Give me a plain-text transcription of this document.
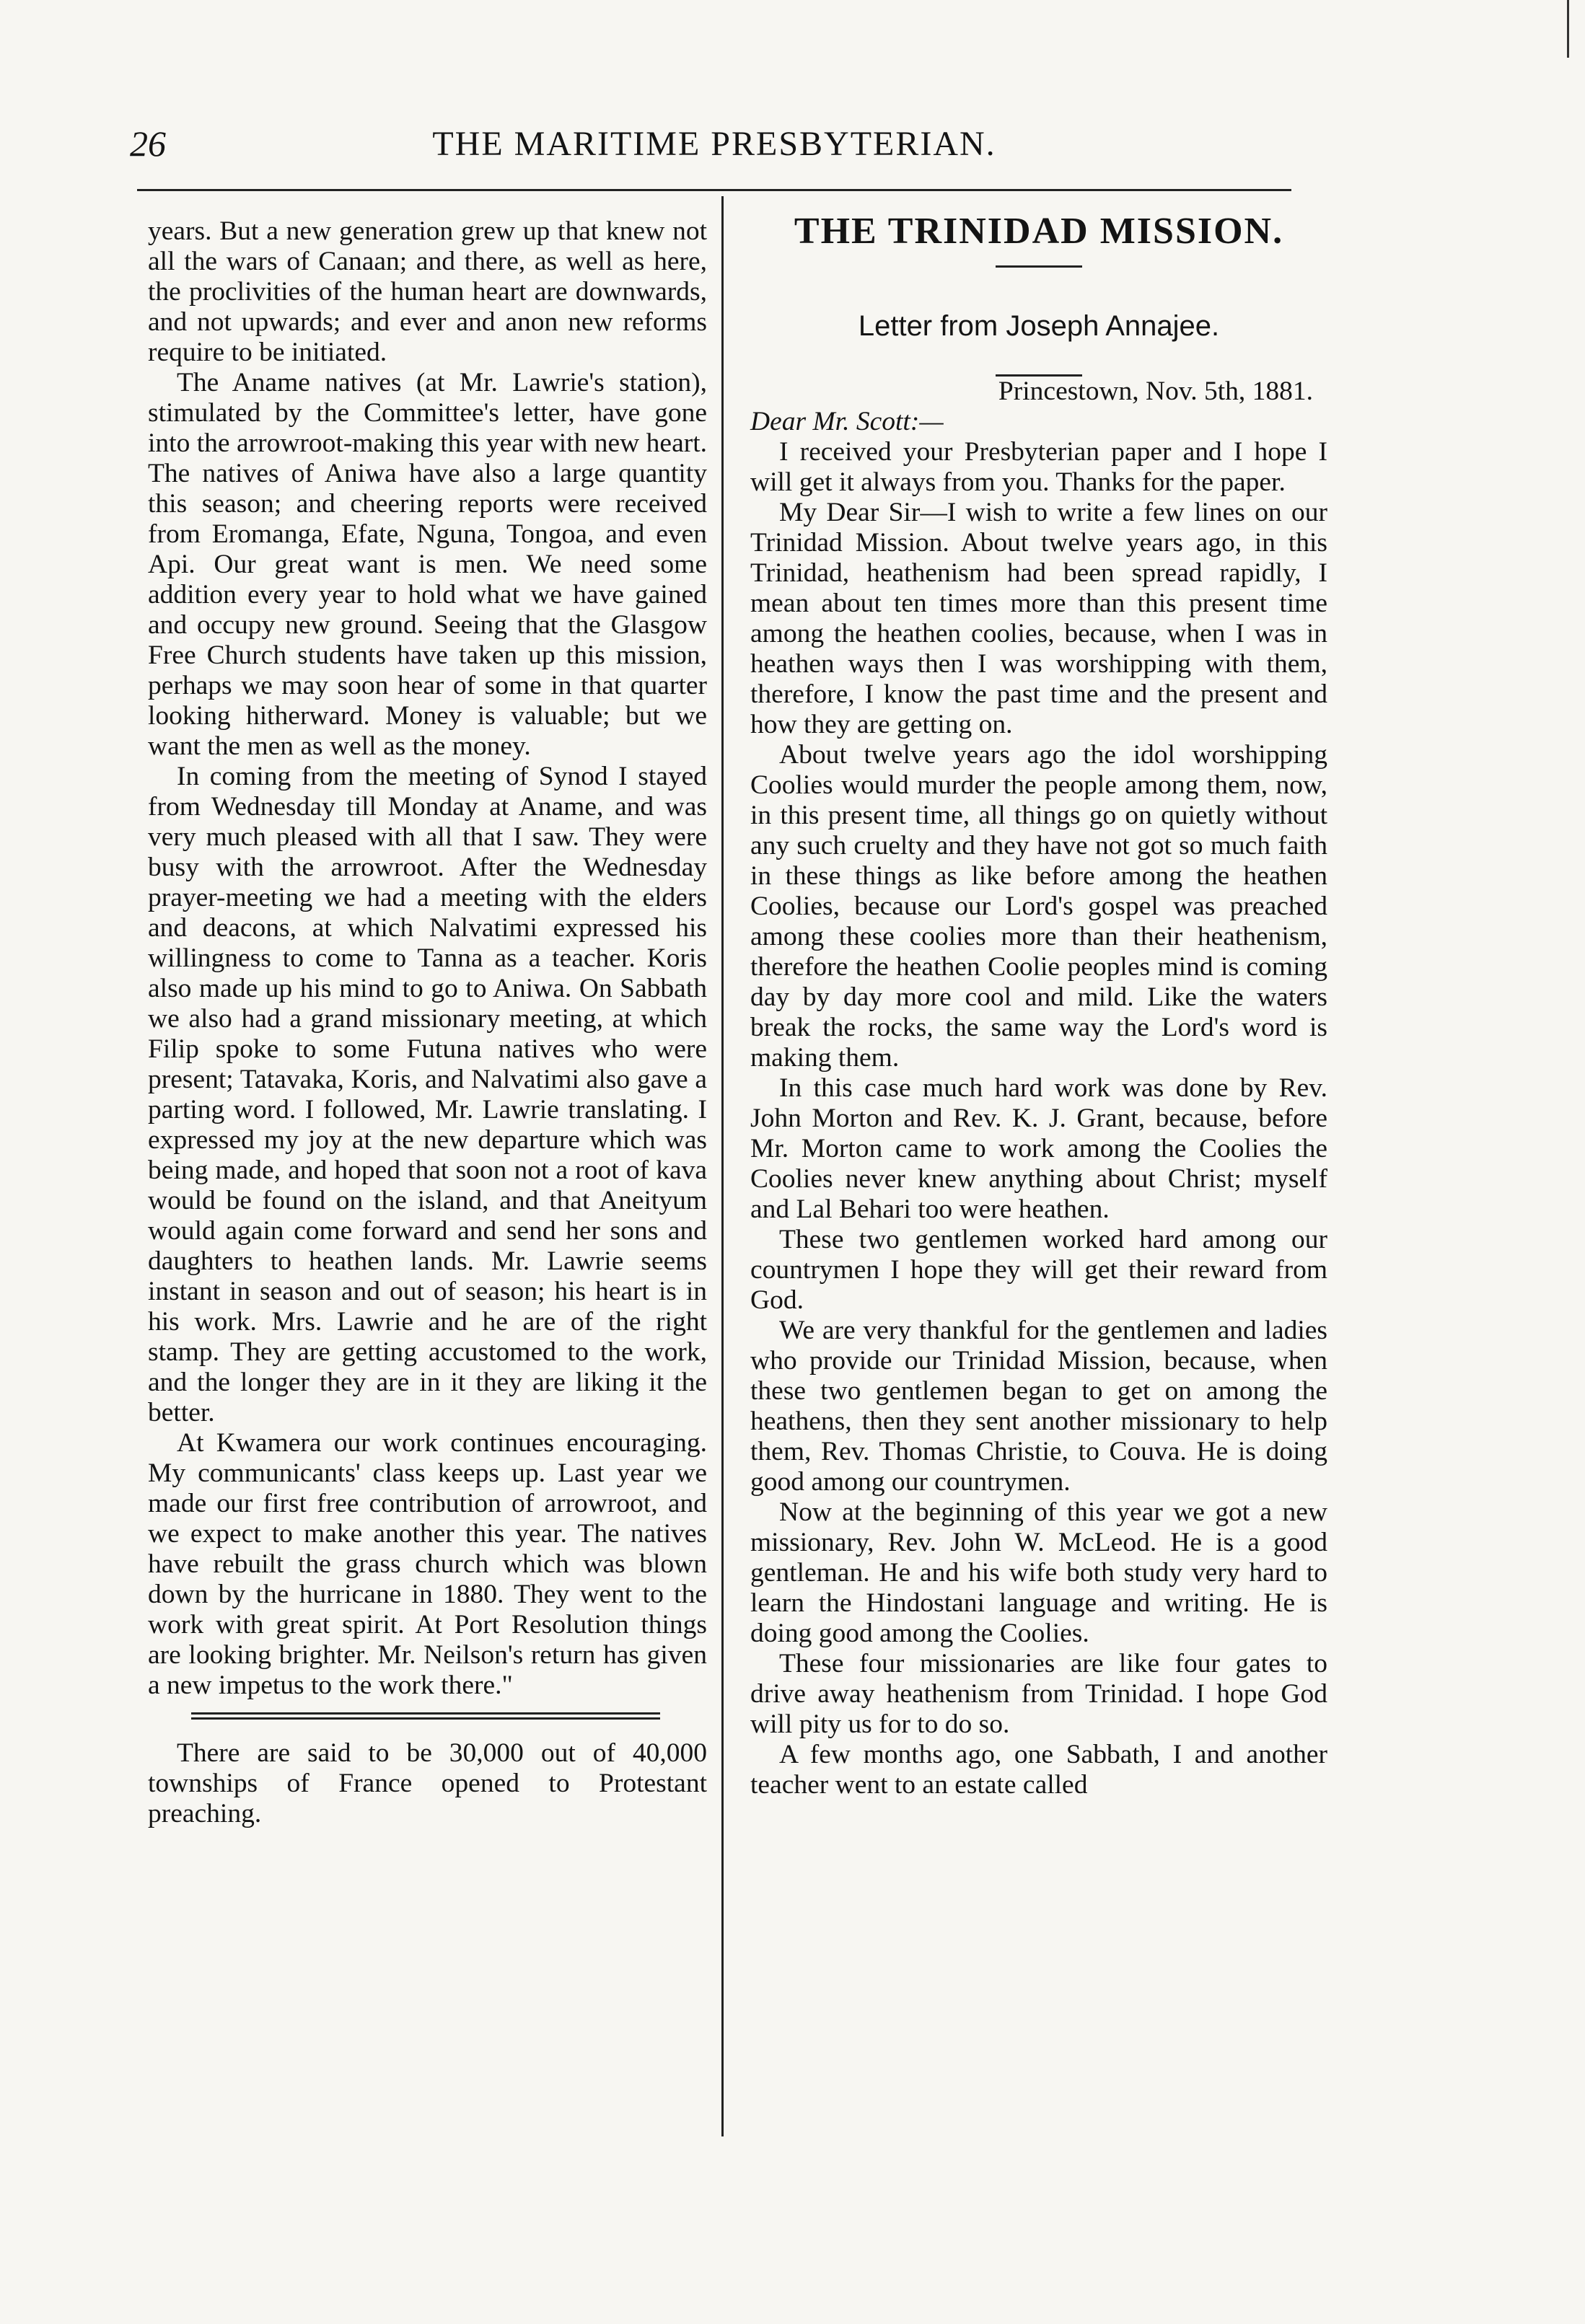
26	THE MARITIME PRESBYTERIAN.

years. But a new generation grew up that knew not all the wars of Canaan; and there, as well as here, the proclivities of the human heart are downwards, and not upwards; and ever and anon new reforms require to be initiated.

The Aname natives (at Mr. Lawrie's station), stimulated by the Committee's letter, have gone into the arrowroot-making this year with new heart. The natives of Aniwa have also a large quantity this season; and cheering reports were received from Eromanga, Efate, Nguna, Tongoa, and even Api. Our great want is men. We need some addition every year to hold what we have gained and occupy new ground. Seeing that the Glasgow Free Church students have taken up this mission, perhaps we may soon hear of some in that quarter looking hitherward. Money is valuable; but we want the men as well as the money.

In coming from the meeting of Synod I stayed from Wednesday till Monday at Aname, and was very much pleased with all that I saw. They were busy with the arrowroot. After the Wednesday prayer-meeting we had a meeting with the elders and deacons, at which Nalvatimi expressed his willingness to come to Tanna as a teacher. Koris also made up his mind to go to Aniwa. On Sabbath we also had a grand missionary meeting, at which Filip spoke to some Futuna natives who were present; Tatavaka, Koris, and Nalvatimi also gave a parting word. I followed, Mr. Lawrie translating. I expressed my joy at the new departure which was being made, and hoped that soon not a root of kava would be found on the island, and that Aneityum would again come forward and send her sons and daughters to heathen lands. Mr. Lawrie seems instant in season and out of season; his heart is in his work. Mrs. Lawrie and he are of the right stamp. They are getting accustomed to the work, and the longer they are in it they are liking it the better.

At Kwamera our work continues encouraging. My communicants' class keeps up. Last year we made our first free contribution of arrowroot, and we expect to make another this year. The natives have rebuilt the grass church which was blown down by the hurricane in 1880. They went to the work with great spirit. At Port Resolution things are looking brighter. Mr. Neilson's return has given a new impetus to the work there."

There are said to be 30,000 out of 40,000 townships of France opened to Protestant preaching.

THE TRINIDAD MISSION.
Letter from Joseph Annajee.

Princestown, Nov. 5th, 1881.

Dear Mr. Scott:—

I received your Presbyterian paper and I hope I will get it always from you. Thanks for the paper.

My Dear Sir—I wish to write a few lines on our Trinidad Mission. About twelve years ago, in this Trinidad, heathenism had been spread rapidly, I mean about ten times more than this present time among the heathen coolies, because, when I was in heathen ways then I was worshipping with them, therefore, I know the past time and the present and how they are getting on.

About twelve years ago the idol worshipping Coolies would murder the people among them, now, in this present time, all things go on quietly without any such cruelty and they have not got so much faith in these things as like before among the heathen Coolies, because our Lord's gospel was preached among these coolies more than their heathenism, therefore the heathen Coolie peoples mind is coming day by day more cool and mild. Like the waters break the rocks, the same way the Lord's word is making them.

In this case much hard work was done by Rev. John Morton and Rev. K. J. Grant, because, before Mr. Morton came to work among the Coolies the Coolies never knew anything about Christ; myself and Lal Behari too were heathen.

These two gentlemen worked hard among our countrymen I hope they will get their reward from God.

We are very thankful for the gentlemen and ladies who provide our Trinidad Mission, because, when these two gentlemen began to get on among the heathens, then they sent another missionary to help them, Rev. Thomas Christie, to Couva. He is doing good among our countrymen.

Now at the beginning of this year we got a new missionary, Rev. John W. McLeod. He is a good gentleman. He and his wife both study very hard to learn the Hindostani language and writing. He is doing good among the Coolies.

These four missionaries are like four gates to drive away heathenism from Trinidad. I hope God will pity us for to do so.

A few months ago, one Sabbath, I and another teacher went to an estate called
